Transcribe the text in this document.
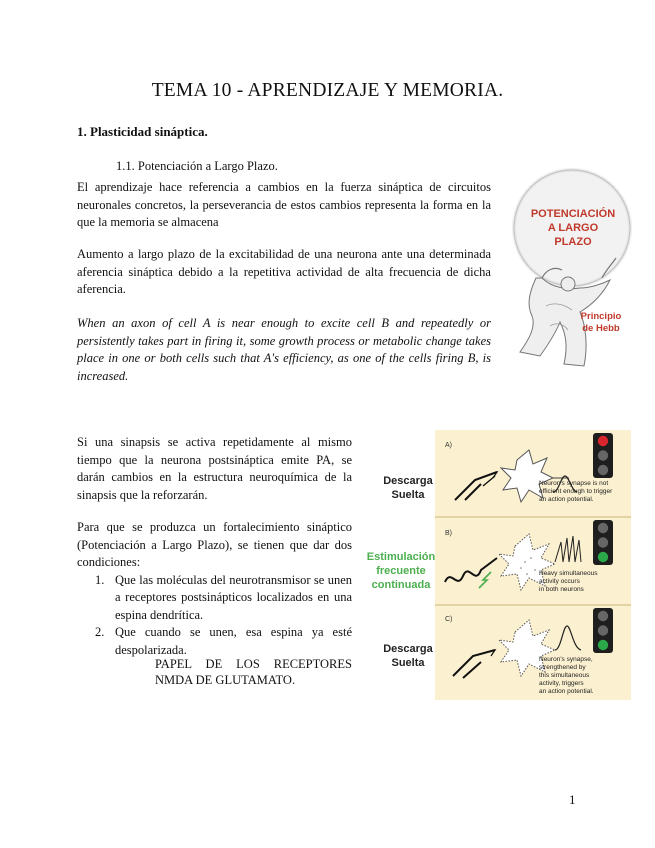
TEMA 10 - APRENDIZAJE Y MEMORIA.
1. Plasticidad sináptica.
1.1. Potenciación a Largo Plazo.
El aprendizaje hace referencia a cambios en la fuerza sináptica de circuitos neuronales concretos, la perseverancia de estos cambios representa la forma en la que la memoria se almacena
Aumento a largo plazo de la excitabilidad de una neurona ante una determinada aferencia sináptica debido a la repetitiva actividad de alta frecuencia de dicha aferencia.
When an axon of cell A is near enough to excite cell B and repeatedly or persistently takes part in firing it, some growth process or metabolic change takes place in one or both cells such that A's efficiency, as one of the cells firing B, is increased.
POTENCIACIÓN
A LARGO
PLAZO
Principio
de Hebb
Si una sinapsis se activa repetidamente al mismo tiempo que la neurona postsináptica emite PA, se darán cambios en la estructura neuroquímica de la sinapsis que la reforzarán.
Para que se produzca un fortalecimiento sináptico (Potenciación a Largo Plazo), se tienen que dar dos condiciones:
1. Que las moléculas del neurotransmisor se unen a receptores postsinápticos localizados en una espina dendrítica.
2. Que cuando se unen, esa espina ya esté despolarizada.
PAPEL DE LOS RECEPTORES NMDA DE GLUTAMATO.
Descarga
Suelta
Estimulación
frecuente
continuada
Descarga
Suelta
A)
B)
C)
Neuron's synapse is not
efficient enough to trigger
an action potential.
Heavy simultaneous
activity occurs
in both neurons
Neuron's synapse,
strengthened by
this simultaneous
activity, triggers
an action potential.
1
